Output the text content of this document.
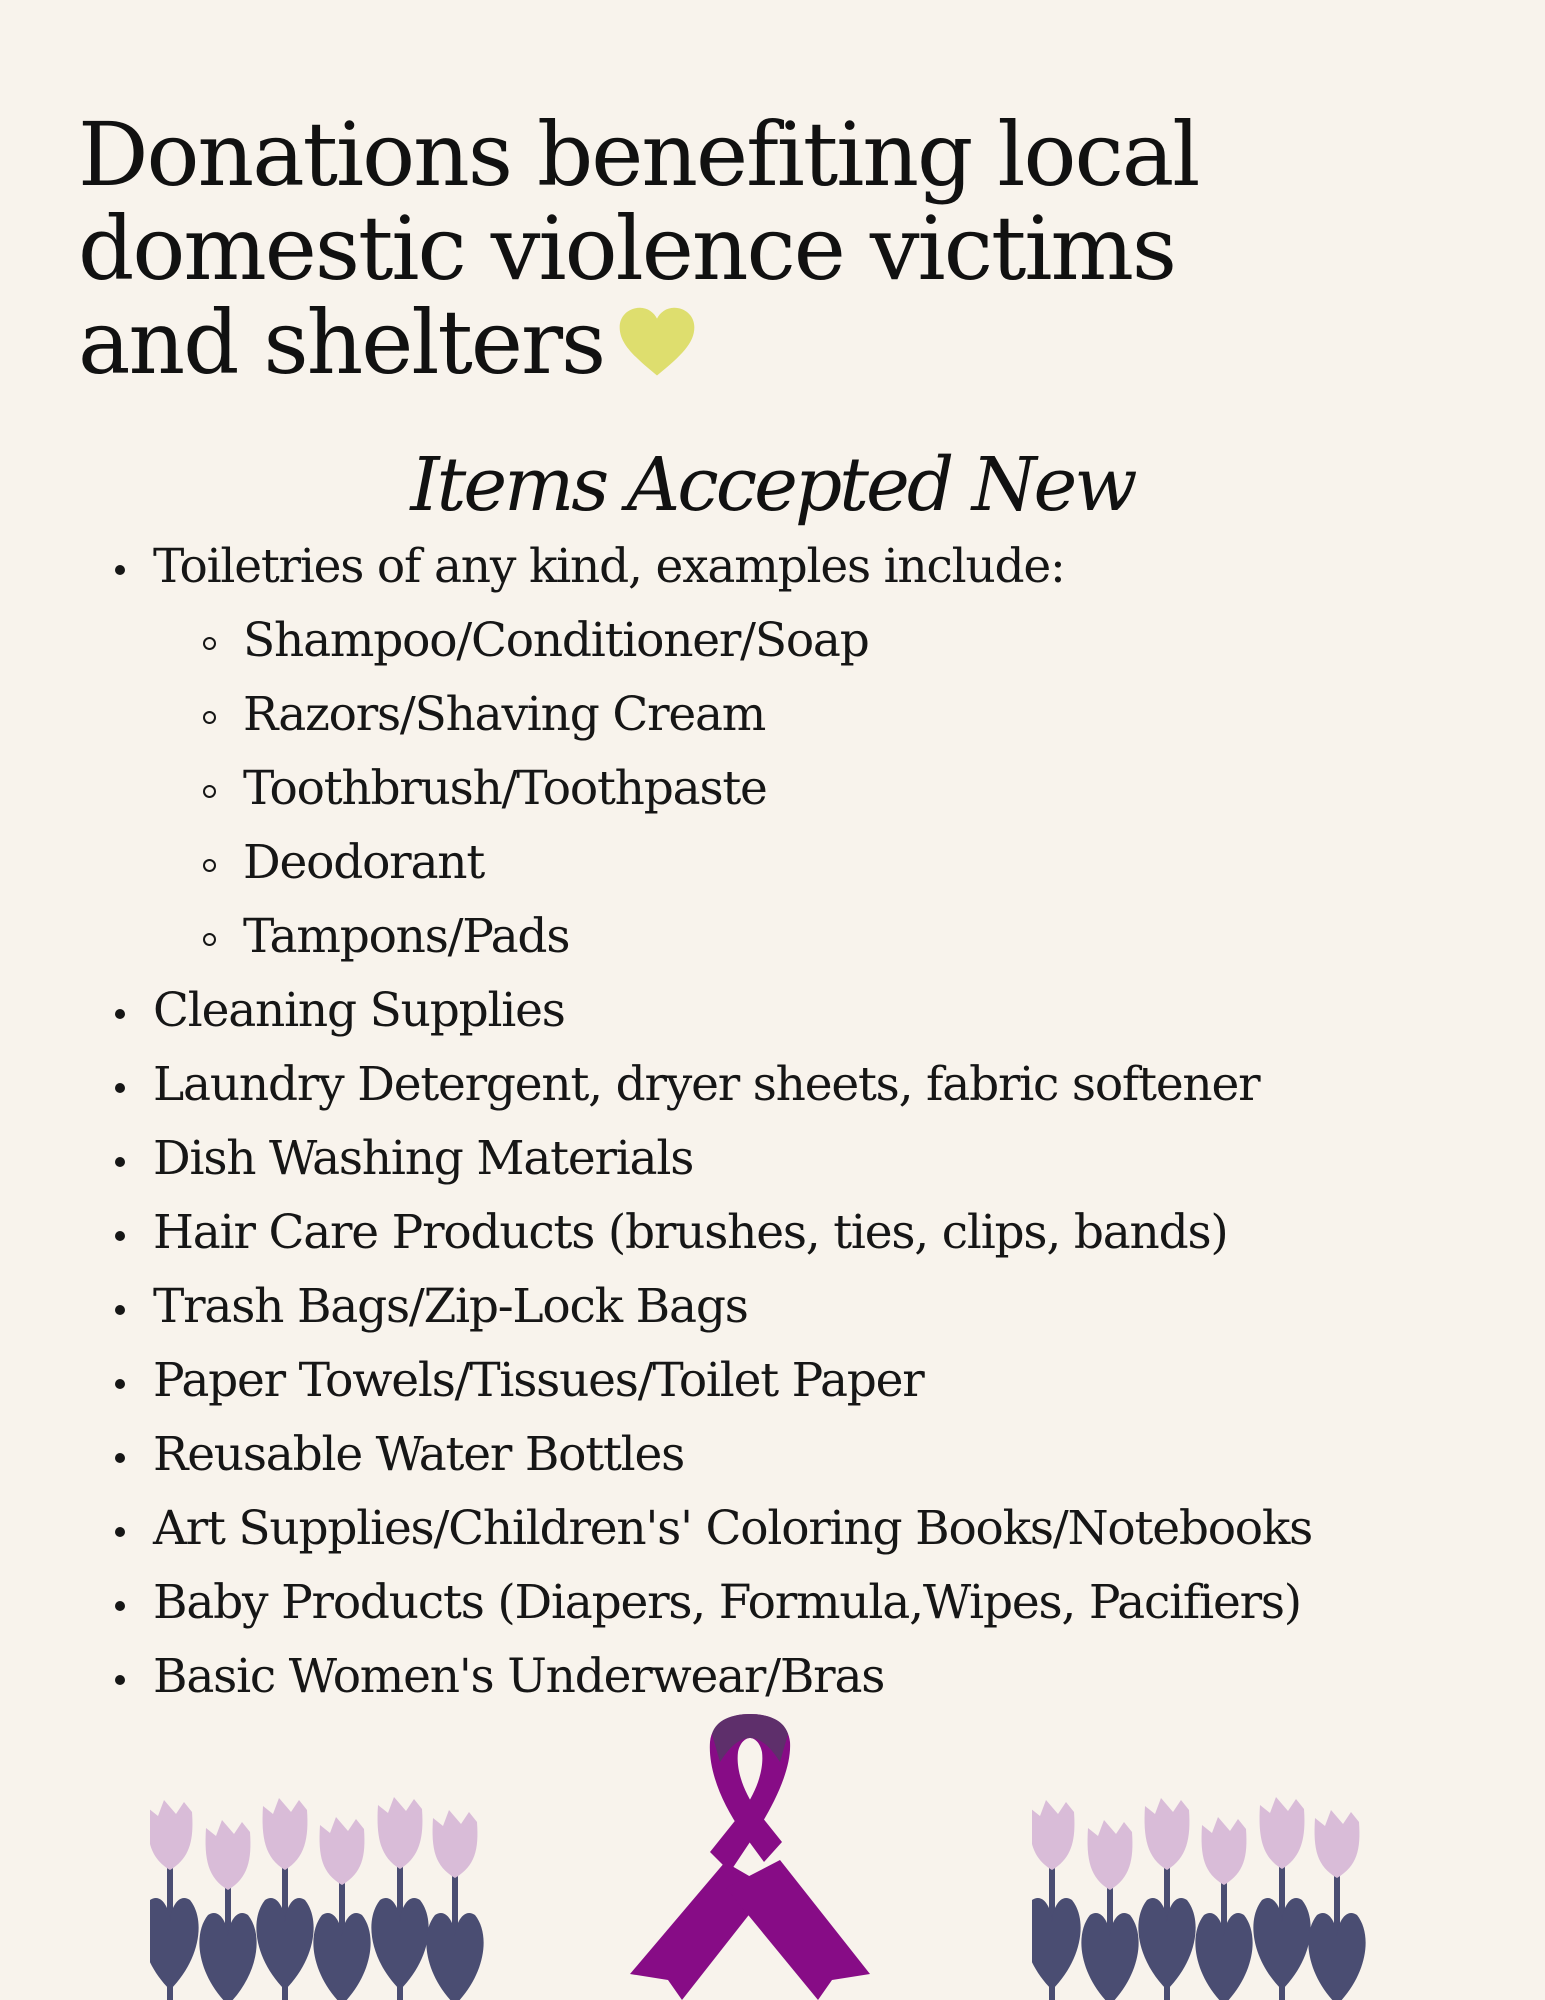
Donations benefiting local
domestic violence victims
and shelters
Items Accepted New
Toiletries of any kind, examples include:
Shampoo/Conditioner/Soap
Razors/Shaving Cream
Toothbrush/Toothpaste
Deodorant
Tampons/Pads
Cleaning Supplies
Laundry Detergent, dryer sheets, fabric softener
Dish Washing Materials
Hair Care Products (brushes, ties, clips, bands)
Trash Bags/Zip-Lock Bags
Paper Towels/Tissues/Toilet Paper
Reusable Water Bottles
Art Supplies/Children's' Coloring Books/Notebooks
Baby Products (Diapers, Formula,Wipes, Pacifiers)
Basic Women's Underwear/Bras
